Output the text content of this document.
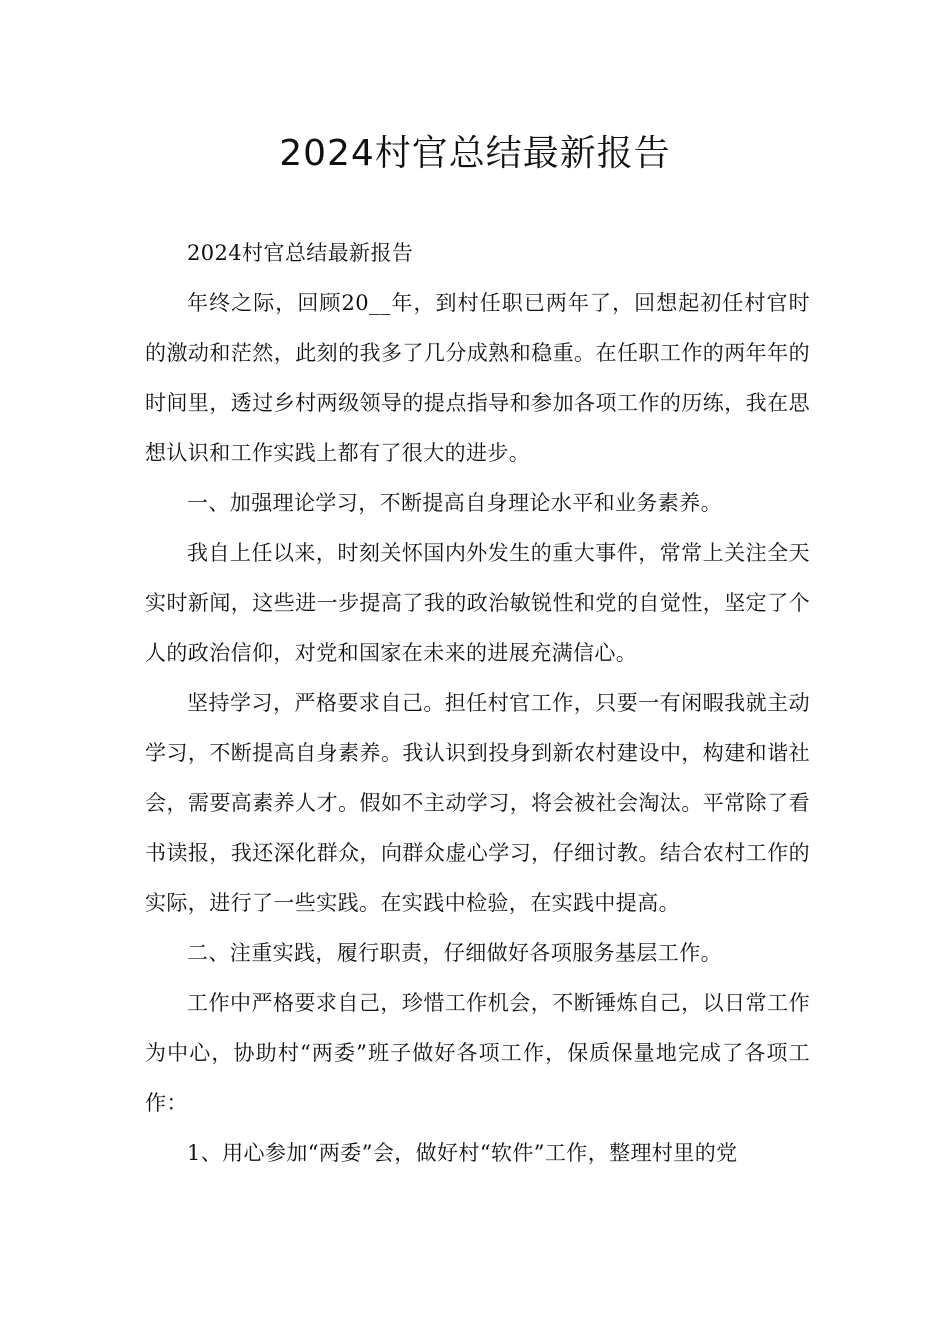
2024村官总结最新报告

2024村官总结最新报告

年终之际，回顾20__年，到村任职已两年了，回想起初任村官时的激动和茫然，此刻的我多了几分成熟和稳重。在任职工作的两年年的时间里，透过乡村两级领导的提点指导和参加各项工作的历练，我在思想认识和工作实践上都有了很大的进步。

一、加强理论学习，不断提高自身理论水平和业务素养。

我自上任以来，时刻关怀国内外发生的重大事件，常常上关注全天实时新闻，这些进一步提高了我的政治敏锐性和党的自觉性，坚定了个人的政治信仰，对党和国家在未来的进展充满信心。

坚持学习，严格要求自己。担任村官工作，只要一有闲暇我就主动学习，不断提高自身素养。我认识到投身到新农村建设中，构建和谐社会，需要高素养人才。假如不主动学习，将会被社会淘汰。平常除了看书读报，我还深化群众，向群众虚心学习，仔细讨教。结合农村工作的实际，进行了一些实践。在实践中检验，在实践中提高。

二、注重实践，履行职责，仔细做好各项服务基层工作。

工作中严格要求自己，珍惜工作机会，不断锤炼自己，以日常工作为中心，协助村“两委”班子做好各项工作，保质保量地完成了各项工作：

1、用心参加“两委”会，做好村“软件”工作，整理村里的党
